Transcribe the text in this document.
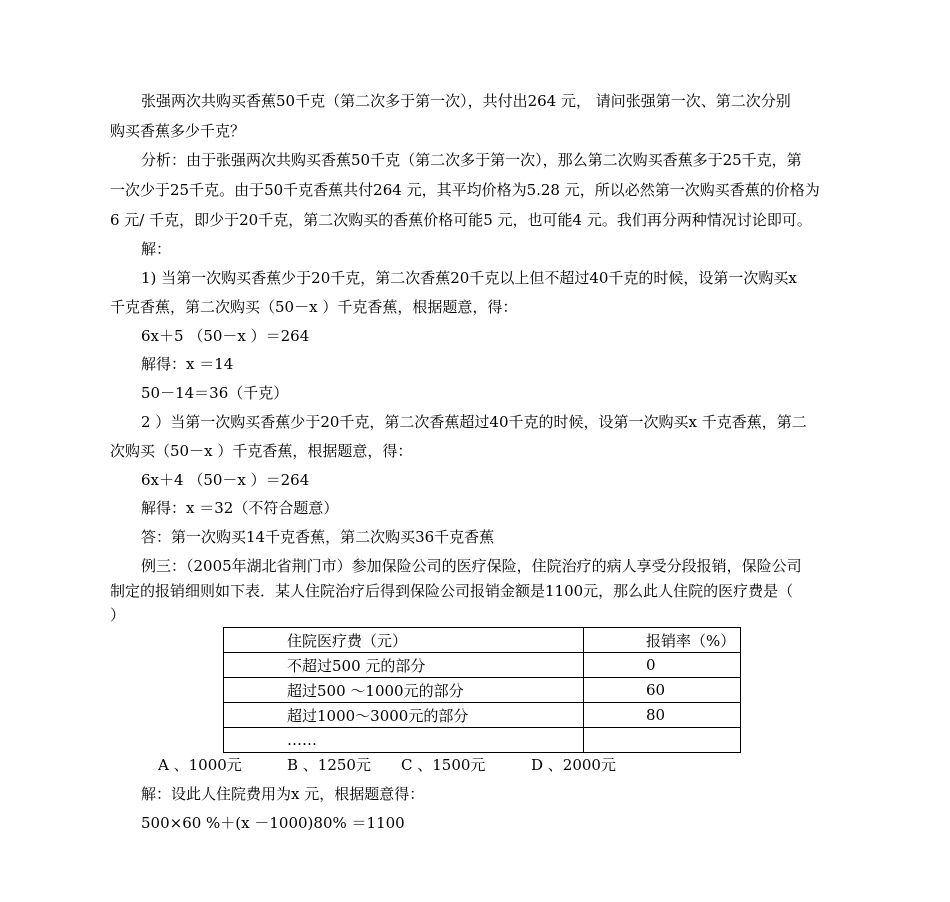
张强两次共购买香蕉50千克（第二次多于第一次），共付出264 元， 请问张强第一次、第二次分别
购买香蕉多少千克？
分析：由于张强两次共购买香蕉50千克（第二次多于第一次），那么第二次购买香蕉多于25千克，第
一次少于25千克。由于50千克香蕉共付264 元，其平均价格为5.28 元，所以必然第一次购买香蕉的价格为
6 元/ 千克，即少于20千克，第二次购买的香蕉价格可能5 元，也可能4 元。我们再分两种情况讨论即可。
解：
1) 当第一次购买香蕉少于20千克，第二次香蕉20千克以上但不超过40千克的时候，设第一次购买x
千克香蕉，第二次购买（50－x ）千克香蕉，根据题意，得：
6x＋5 （50－x ）＝264
解得：x ＝14
50－14＝36（千克）
2 ）当第一次购买香蕉少于20千克，第二次香蕉超过40千克的时候，设第一次购买x 千克香蕉，第二
次购买（50－x ）千克香蕉，根据题意，得：
6x＋4 （50－x ）＝264
解得：x ＝32（不符合题意）
答：第一次购买14千克香蕉，第二次购买36千克香蕉
例三：（2005年湖北省荆门市）参加保险公司的医疗保险，住院治疗的病人享受分段报销，保险公司
制定的报销细则如下表．某人住院治疗后得到保险公司报销金额是1100元，那么此人住院的医疗费是（
）
住院医疗费（元）	报销率（%）
不超过500 元的部分	0
超过500 ～1000元的部分	60
超过1000～3000元的部分	80
……	
A 、1000元	B 、1250元 C 、1500元	D 、2000元
解：设此人住院费用为x 元，根据题意得：
500×60 %＋(x －1000)80% ＝1100
